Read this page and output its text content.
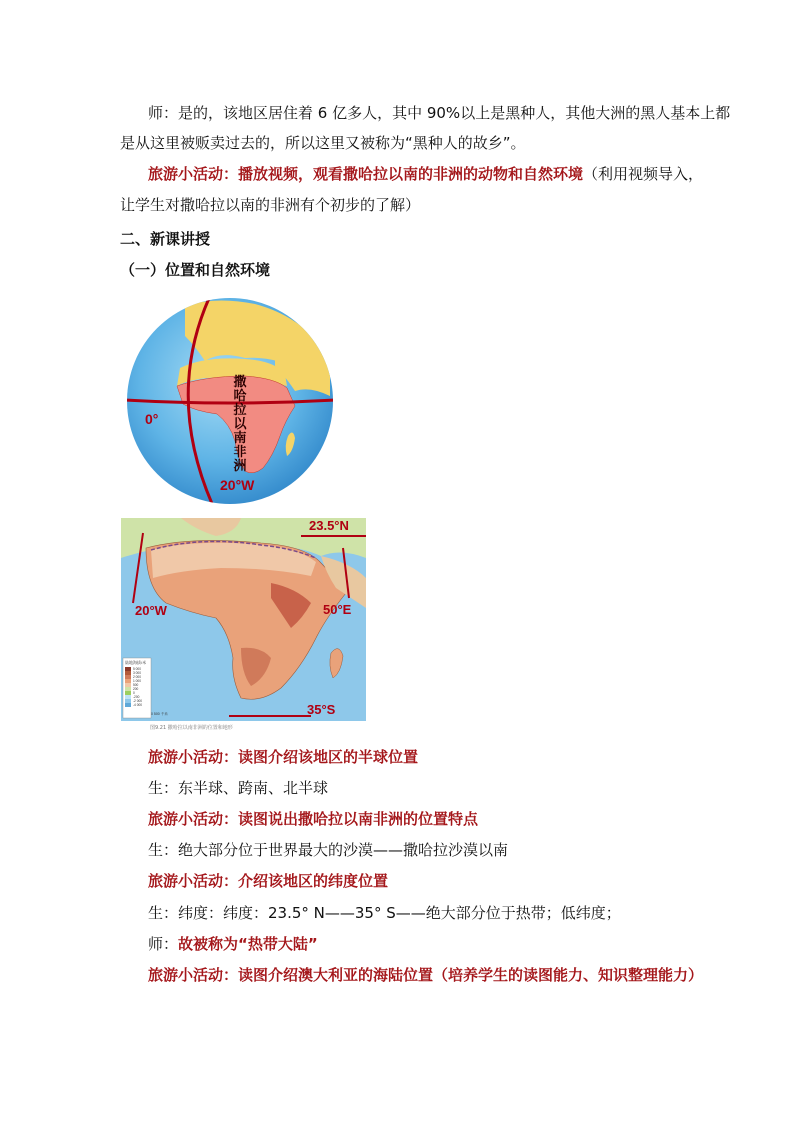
师：是的，该地区居住着 6 亿多人，其中 90%以上是黑种人，其他大洲的黑人基本上都
是从这里被贩卖过去的，所以这里又被称为“黑种人的故乡”。
旅游小活动：播放视频，观看撒哈拉以南的非洲的动物和自然环境（利用视频导入，
让学生对撒哈拉以南的非洲有个初步的了解）
二、新课讲授
（一）位置和自然环境
撒
哈
拉
以
南
非
洲
0°
20°W
23.5°N
20°W	50°E
35°S
陆地海拔/米
5 000
3 000
2 000
1 000
500
200
0
-200
-2 000
-4 000
0 500 千米
图9.21 撒哈拉以南非洲的位置和地形
旅游小活动：读图介绍该地区的半球位置
生：东半球、跨南、北半球
旅游小活动：读图说出撒哈拉以南非洲的位置特点
生：绝大部分位于世界最大的沙漠——撒哈拉沙漠以南
旅游小活动：介绍该地区的纬度位置
生：纬度：纬度：23.5° N——35° S——绝大部分位于热带；低纬度；
师：故被称为“热带大陆”
旅游小活动：读图介绍澳大利亚的海陆位置（培养学生的读图能力、知识整理能力）
